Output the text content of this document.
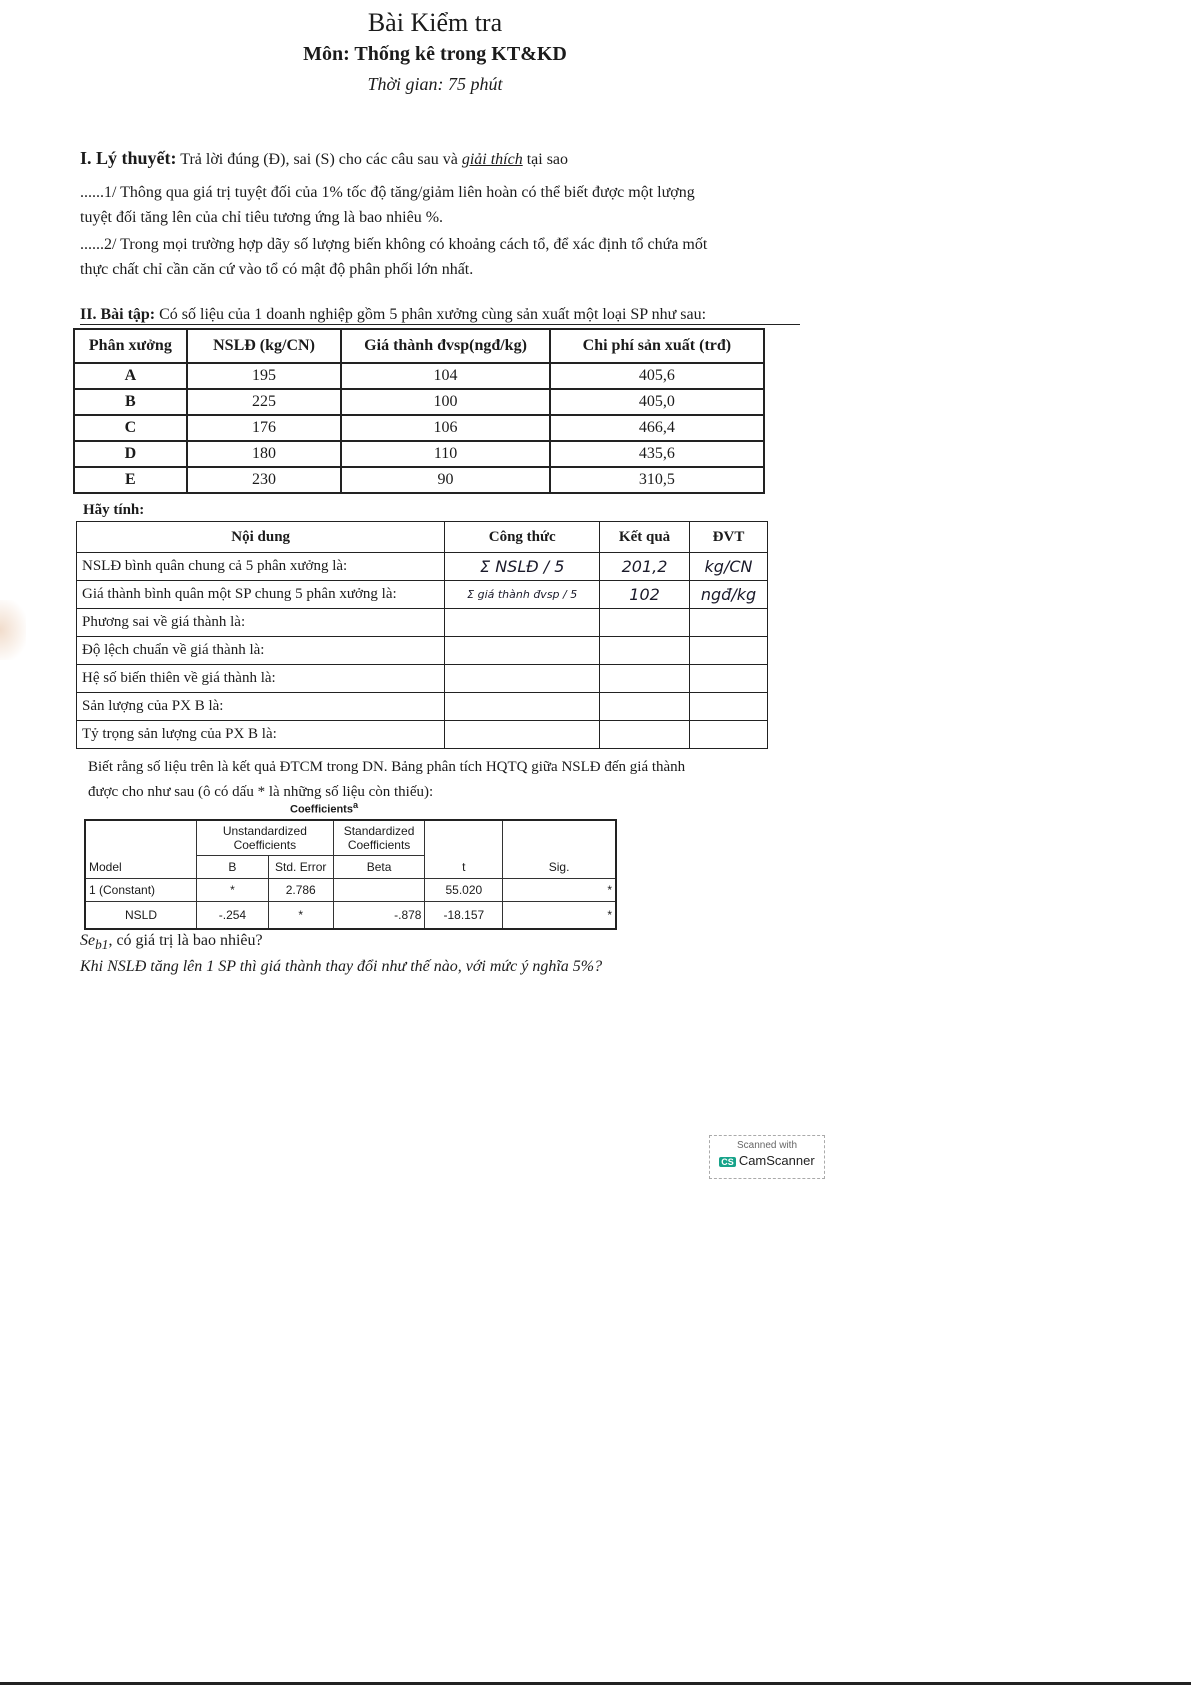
Bài Kiểm tra
Môn: Thống kê trong KT&KD
Thời gian: 75 phút
I. Lý thuyết: Trả lời đúng (Đ), sai (S) cho các câu sau và giải thích tại sao
......1/ Thông qua giá trị tuyệt đối của 1% tốc độ tăng/giảm liên hoàn có thể biết được một lượng
tuyệt đối tăng lên của chỉ tiêu tương ứng là bao nhiêu %.
......2/ Trong mọi trường hợp dãy số lượng biến không có khoảng cách tổ, để xác định tổ chứa mốt
thực chất chỉ cần căn cứ vào tổ có mật độ phân phối lớn nhất.
II. Bài tập: Có số liệu của 1 doanh nghiệp gồm 5 phân xưởng cùng sản xuất một loại SP như sau:
Phân xưởng	NSLĐ (kg/CN)	Giá thành đvsp(ngđ/kg)	Chi phí sản xuất (trđ)
A	195	104	405,6
B	225	100	405,0
C	176	106	466,4
D	180	110	435,6
E	230	90	310,5
Hãy tính:
Nội dung	Công thức	Kết quả	ĐVT
NSLĐ bình quân chung cả 5 phân xưởng là:	Σ NSLĐ / 5	201,2	kg/CN
Giá thành bình quân một SP chung 5 phân xưởng là:	Σ giá thành đvsp / 5	102	ngđ/kg
Phương sai về giá thành là:			
Độ lệch chuẩn về giá thành là:			
Hệ số biến thiên về giá thành là:			
Sản lượng của PX B là:			
Tỷ trọng sản lượng của PX B là:			
Biết rằng số liệu trên là kết quả ĐTCM trong DN. Bảng phân tích HQTQ giữa NSLĐ đến giá thành
được cho như sau (ô có dấu * là những số liệu còn thiếu):
Coefficients$^a$
	Unstandardized Coefficients		Standardized Coefficients		

Model	B	Std. Error	Beta	t	Sig.
1 (Constant)	*	2.786		55.020	*
NSLD	-.254	*	-.878	-18.157	*
$Se_{b1}$, có giá trị là bao nhiêu?
Khi NSLĐ tăng lên 1 SP thì giá thành thay đổi như thế nào, với mức ý nghĩa 5%?
Scanned with
CS CamScanner
